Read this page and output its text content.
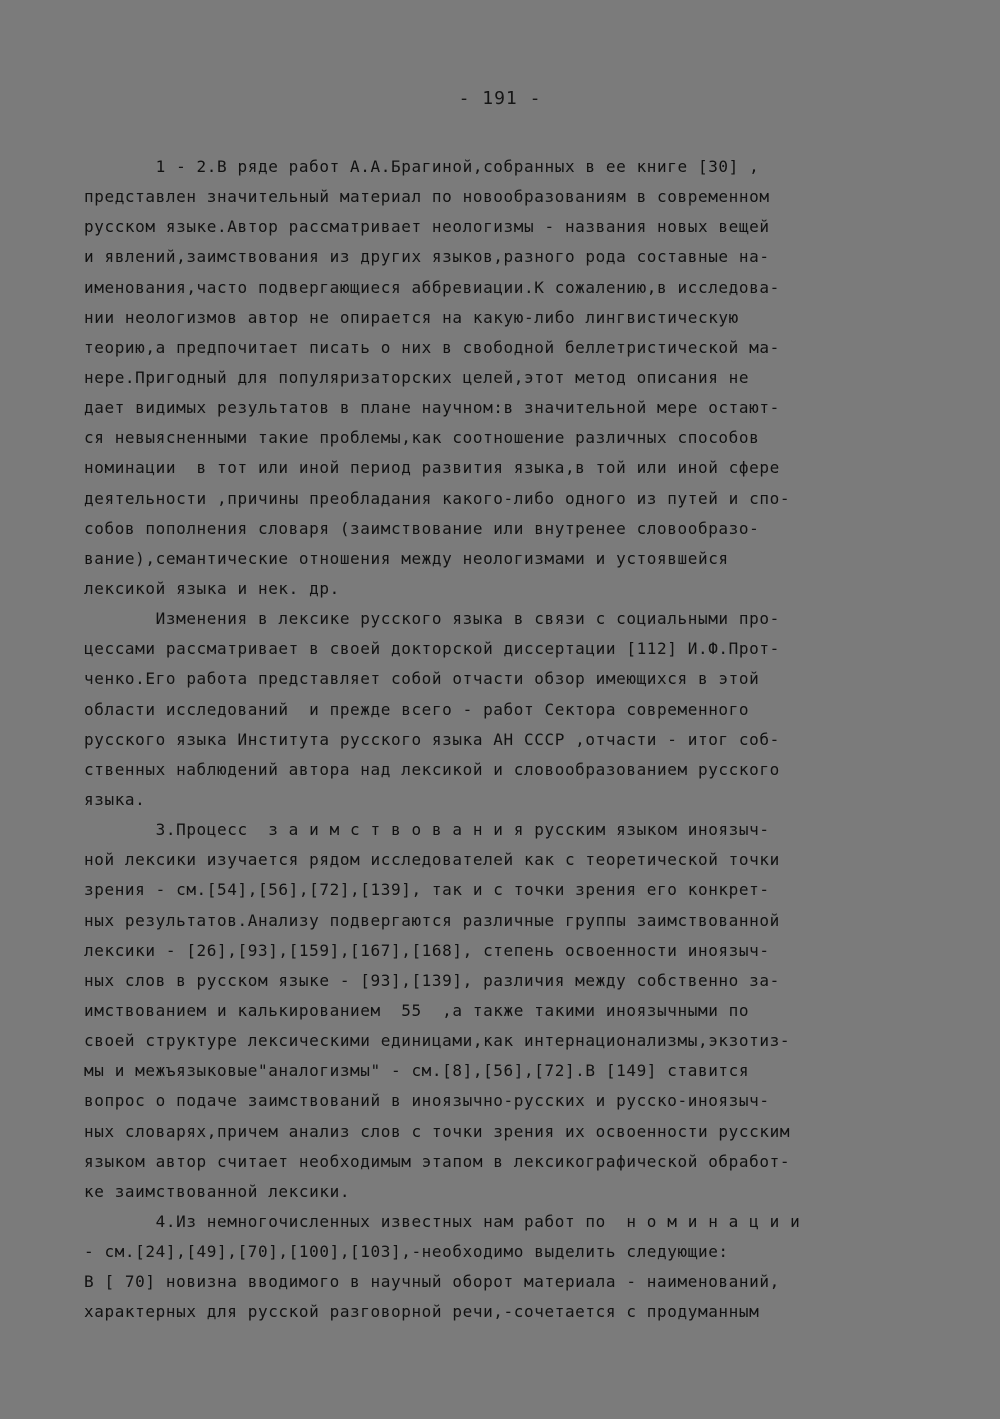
- 191 -
1 - 2.В ряде работ А.А.Брагиной,собранных в ее книге [30] ,
представлен значительный материал по новообразованиям в современном
русском языке.Автор рассматривает неологизмы - названия новых вещей
и явлений,заимствования из других языков,разного рода составные на-
именования,часто подвергающиеся аббревиации.К сожалению,в исследова-
нии неологизмов автор не опирается на какую-либо лингвистическую
теорию,а предпочитает писать о них в свободной беллетристической ма-
нере.Пригодный для популяризаторских целей,этот метод описания не
дает видимых результатов в плане научном:в значительной мере остают-
ся невыясненными такие проблемы,как соотношение различных способов
номинации  в тот или иной период развития языка,в той или иной сфере
деятельности ,причины преобладания какого-либо одного из путей и спо-
собов пополнения словаря (заимствование или внутренее словообразо-
вание),семантические отношения между неологизмами и устоявшейся
лексикой языка и нек. др.
Изменения в лексике русского языка в связи с социальными про-
цессами рассматривает в своей докторской диссертации [112] И.Ф.Прот-
ченко.Его работа представляет собой отчасти обзор имеющихся в этой
области исследований  и прежде всего - работ Сектора современного
русского языка Института русского языка АН СССР ,отчасти - итог соб-
ственных наблюдений автора над лексикой и словообразованием русского
языка.
3.Процесс  з а и м с т в о в а н и я русским языком иноязыч-
ной лексики изучается рядом исследователей как с теоретической точки
зрения - см.[54],[56],[72],[139], так и с точки зрения его конкрет-
ных результатов.Анализу подвергаются различные группы заимствованной
лексики - [26],[93],[159],[167],[168], степень освоенности иноязыч-
ных слов в русском языке - [93],[139], различия между собственно за-
имствованием и калькированием  55  ,а также такими иноязычными по
своей структуре лексическими единицами,как интернационализмы,экзотиз-
мы и межъязыковые"аналогизмы" - см.[8],[56],[72].В [149] ставится
вопрос о подаче заимствований в иноязычно-русских и русско-иноязыч-
ных словарях,причем анализ слов с точки зрения их освоенности русским
языком автор считает необходимым этапом в лексикографической обработ-
ке заимствованной лексики.
4.Из немногочисленных известных нам работ по  н о м и н а ц и и
- см.[24],[49],[70],[100],[103],-необходимо выделить следующие:
В [ 70] новизна вводимого в научный оборот материала - наименований,
характерных для русской разговорной речи,-сочетается с продуманным
